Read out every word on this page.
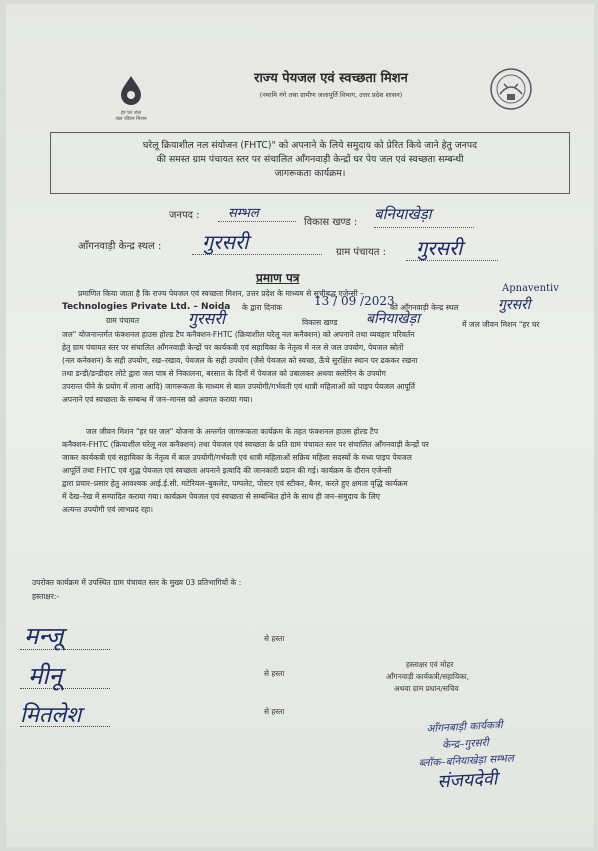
हर घर जल
जल जीवन मिशन
राज्य पेयजल एवं स्वच्छता मिशन
(नमामि गंगे तथा ग्रामीण जलापूर्ति विभाग, उत्तर प्रदेश शासन)
घरेलू क्रियाशील नल संयोजन (FHTC)" को अपनाने के लिये समुदाय को प्रेरित किये जाने हेतु जनपद
की समस्त ग्राम पंचायत स्तर पर संचालित आँगनवाड़ी केन्द्रों घर पेय जल एवं स्वच्छता सम्बन्धी
जागरूकता कार्यक्रम।
जनपद : सम्भल
विकास खण्ड : बनियाखेड़ा
आँगनवाड़ी केन्द्र स्थल : गुरसरी	ग्राम पंचायत : गुरसरी
प्रमाण पत्र
प्रमाणित किया जाता है कि राज्य पेयजल एवं स्वच्छता मिशन, उत्तर प्रदेश के माध्यम से सूचीबद्ध एजेन्सी –	Apnaventiv
Technologies Private Ltd. – Noida के द्वारा दिनांक	13 / 09 /2023
को आँगनवाड़ी केन्द्र स्थल	गुरसरी
ग्राम पंचायत	गुरसरी	विकास खण्ड बनियाखेड़ा	में जल जीवन मिशन "हर घर
जल" योजनान्तर्गत फंक्शनल हाउस होल्ड टैप कनैक्शन-FHTC (क्रियाशील घरेलू नल कनैक्शन) को अपनाने तथा व्यवहार परिवर्तन
हेतु ग्राम पंचायत स्तर पर संचालित आँगनवाड़ी केन्द्रों पर कार्यकत्री एवं सहायिका के नेतृत्व में नल से जल उपयोग, पेयजल स्रोतों
(नल कनेक्शन) के सही उपयोग, रख–रखाव, पेयजल के सही उपयोग (जैसे पेयजल को स्वच्छ, ऊँचे सुरक्षित स्थान पर ढककर रखना
तथा डन्डी/डन्डीदार लोटे द्वारा जल पात्र से निकालना, बरसात के दिनों में पेयजल को उबालकर अथवा क्लोरिन के उपयोग
उपरान्त पीने के प्रयोग में लाना आदि) जागरूकता के माध्यम से बाल उपयोगी/गर्भवती एवं धात्री महिलाओं को पाइप पेयजल आपूर्ति
अपनाने एवं स्वच्छता के सम्बन्ध में जन–मानस को अवगत कराया गया।
जल जीवन मिशन "हर घर जल" योजना के अन्तर्गत जागरूकता कार्यक्रम के तहत फंक्शनल हाउस होल्ड टैप
कनैक्शन-FHTC (क्रियाशील घरेलू नल कनैक्शन) तथा पेयजल एवं स्वच्छता के प्रति ग्राम पंचायत स्तर पर संचालित आँगनवाड़ी केन्द्रों पर
जाकर कार्यकत्री एवं सहायिका के नेतृत्व में बाल उपयोगी/गर्भवती एवं धात्री महिलाओं सक्रिय महिला सदस्यों के मध्य पाइप पेयजल
आपूर्ति तथा FHTC एवं शुद्ध पेयजल एवं स्वच्छता अपनाने इत्यादि की जानकारी प्रदान की गई। कार्यक्रम के दौरान एजेन्सी
द्वारा प्रचार–प्रसार हेतु आवश्यक आई.ई.सी. मटेरियल–बुकलेट, पम्पलेट, पोस्टर एवं स्टीकर, बैनर, करते हुए क्षमता वृद्धि कार्यक्रम
में देख–रेख में सम्पादित कराया गया। कार्यक्रम पेयजल एवं स्वच्छता से सम्बन्धित होने के साथ ही जन–समुदाय के लिए
अत्यन्त उपयोगी एवं लाभप्रद रहा।
उपरोक्त कार्यक्रम में उपस्थित ग्राम पंचायत स्तर के मुख्य 03 प्रतिभागियों के :
हस्ताक्षर:-
मन्जू	से हस्ता
मीनू	से हस्ता
मितलेश	से हस्ता
हस्ताक्षर एवं मोहर
आँगनवाड़ी कार्यकत्री/सहायिका,
अथवा ग्राम प्रधान/सचिव
आँगनबाड़ी कार्यकत्री
केन्द्र–गुरसरी
ब्लॉक–बनियाखेड़ा सम्भल
संजयदेवी
